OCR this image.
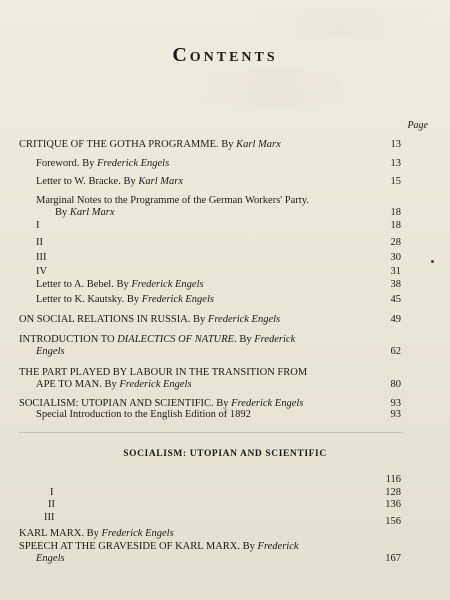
Contents
Page
CRITIQUE OF THE GOTHA PROGRAMME. By Karl Marx	13
Foreword. By Frederick Engels	13
Letter to W. Bracke. By Karl Marx	15
Marginal Notes to the Programme of the German Workers' Party.
By Karl Marx	18
I	18
II	28
III	30
IV	31
Letter to A. Bebel. By Frederick Engels	38
Letter to K. Kautsky. By Frederick Engels	45
ON SOCIAL RELATIONS IN RUSSIA. By Frederick Engels	49
INTRODUCTION TO DIALECTICS OF NATURE. By Frederick
Engels	62
THE PART PLAYED BY LABOUR IN THE TRANSITION FROM
APE TO MAN. By Frederick Engels	80
SOCIALISM: UTOPIAN AND SCIENTIFIC. By Frederick Engels	93
Special Introduction to the English Edition of 1892	93
SOCIALISM: UTOPIAN AND SCIENTIFIC
116
I	128
II	136
III	156
KARL MARX. By Frederick Engels
SPEECH AT THE GRAVESIDE OF KARL MARX. By Frederick
Engels	167
